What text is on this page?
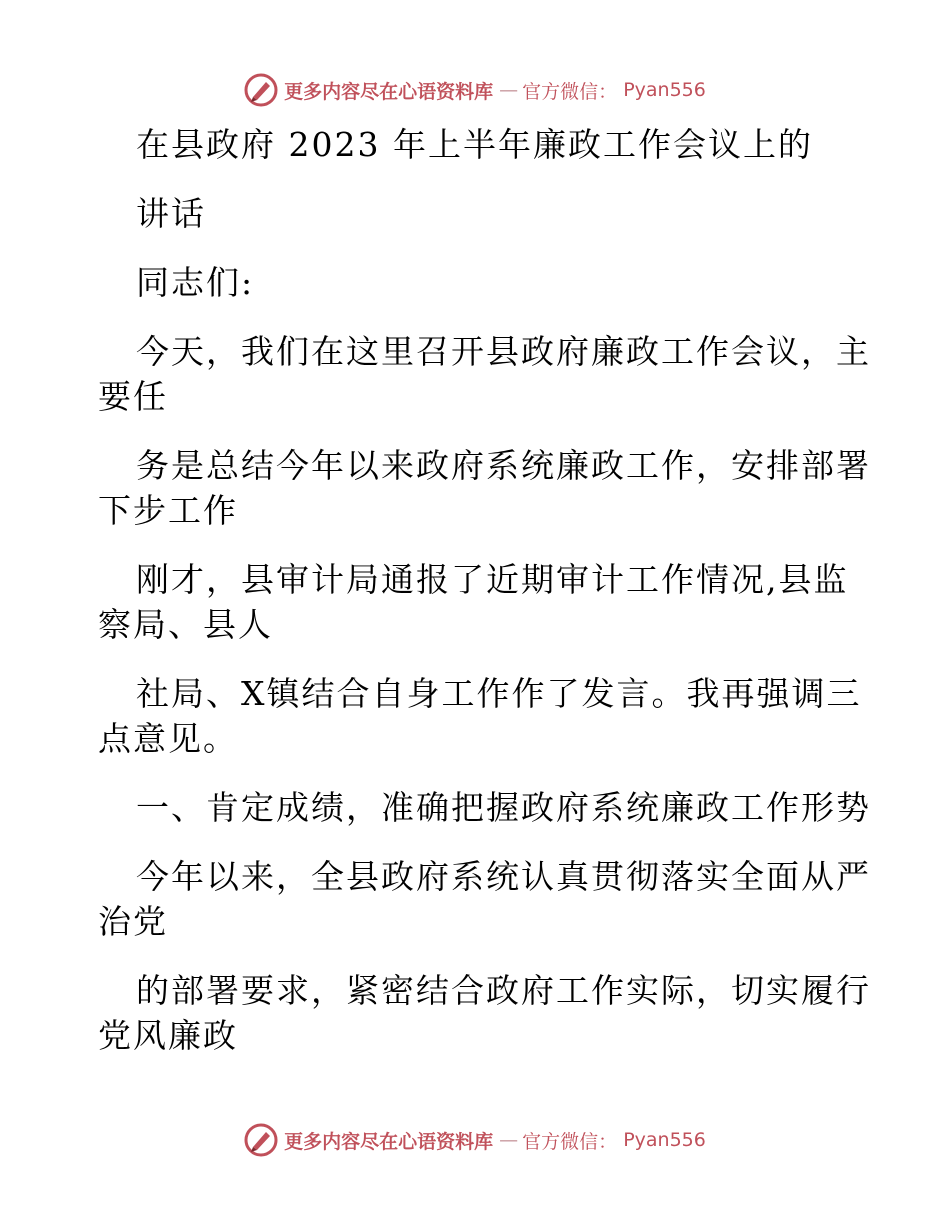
更多内容尽在心语资料库 — 官方微信： Pyan556
在县政府 2023 年上半年廉政工作会议上的
讲话
同志们:
今天，我们在这里召开县政府廉政工作会议，主
要任
务是总结今年以来政府系统廉政工作，安排部署
下步工作
刚才，县审计局通报了近期审计工作情况,县监
察局、县人
社局、X镇结合自身工作作了发言。我再强调三
点意见。
一、肯定成绩，准确把握政府系统廉政工作形势
今年以来，全县政府系统认真贯彻落实全面从严
治党
的部署要求，紧密结合政府工作实际，切实履行
党风廉政
更多内容尽在心语资料库 — 官方微信： Pyan556
